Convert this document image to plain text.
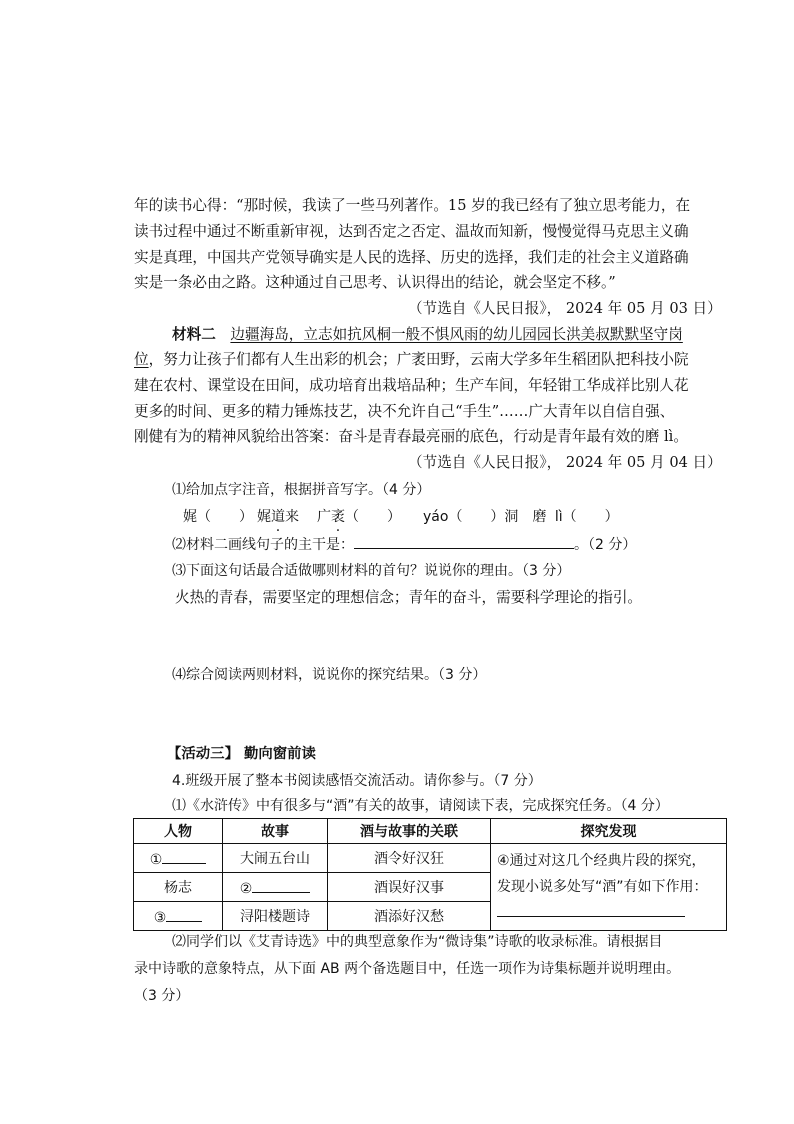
年的读书心得：“那时候，我读了一些马列著作。15 岁的我已经有了独立思考能力，在
读书过程中通过不断重新审视，达到否定之否定、温故而知新，慢慢觉得马克思主义确
实是真理，中国共产党领导确实是人民的选择、历史的选择，我们走的社会主义道路确
实是一条必由之路。这种通过自己思考、认识得出的结论，就会坚定不移。”
（节选自《人民日报》， 2024 年 05 月 03 日）
材料二　 边疆海岛，立志如抗风桐一般不惧风雨的幼儿园园长洪美叔默默坚守岗
位，努力让孩子们都有人生出彩的机会；广袤田野，云南大学多年生稻团队把科技小院
建在农村、课堂设在田间，成功培育出栽培品种；生产车间，年轻钳工华成祥比别人花
更多的时间、更多的精力锤炼技艺，决不允许自己“手生”……广大青年以自信自强、
刚健有为的精神风貌给出答案：奋斗是青春最亮丽的底色，行动是青年最有效的磨 lì。
（节选自《人民日报》， 2024 年 05 月 04 日）
⑴给加点字注音，根据拼音写字。（4 分）
娓（　　） 娓道来 广袤（　　） yáo（　　）洞 磨 lì（　　）
⑵材料二画线句子的主干是：	。（2 分）
⑶下面这句话最合适做哪则材料的首句？说说你的理由。（3 分）
火热的青春，需要坚定的理想信念；青年的奋斗，需要科学理论的指引。
⑷综合阅读两则材料，说说你的探究结果。（3 分）
【活动三】 勤向窗前读
4.班级开展了整本书阅读感悟交流活动。请你参与。（7 分）
⑴《水浒传》中有很多与“酒”有关的故事，请阅读下表，完成探究任务。（4 分）
人物	故事	酒与故事的关联	探究发现
①	大闹五台山	酒令好汉狂	④通过对这几个经典片段的探究，
发现小说多处写“酒”有如下作用：

杨志	②	酒误好汉事	
③	浔阳楼题诗	酒添好汉愁	
⑵同学们以《艾青诗选》中的典型意象作为“微诗集”诗歌的收录标准。请根据目
录中诗歌的意象特点，从下面 AB 两个备选题目中，任选一项作为诗集标题并说明理由。
（3 分）
